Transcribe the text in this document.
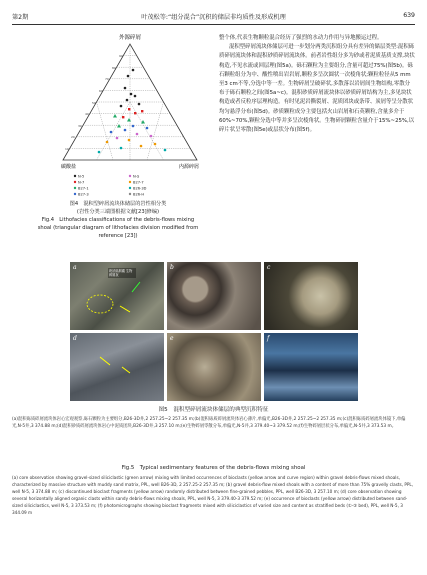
第2期	叶茂松等:“组分混合”沉积的储层非均质性及形成机理	639
外源碎屑
90
80
70
60
50
40
30
20
10
碳酸盐	内源碎屑
N-5
N-7
B27-1
B27-3
N-S
B27-7
B26-3D
B26-H
图4　混积型碎屑流块体储层的岩性相分类
(岩性分类三端图根据文献[23]修编)
Fig.4　Lithofacies classifications of the debris-flows mixing
shoal (triangular diagram of lithofacies division modified from
reference [23])

整个体,代表生物颗粒混合经历了强烈的水动力作用与异地搬运过程。

混积型碎屑流块体储层可进一步划分两类沉积组分具有差异的储层类型:混积砾质碎屑流块体和混积砂质碎屑流块体。前者岩性组分多为砂或者泥质基质支撑,块状构造,不见水流或回层理(图5a)。砾石颗粒为主要组分,含量可超过75%(图5b)。砾石颗粒组分为中、酸性喷出岩岩屑,颗粒多呈次圆状一次棱角状;颗粒粒径从5 mm至3 cm不等,分选中等一差。生物碎屑呈破碎状,多散落以岩屑间生物结构,零散分布于砾石颗粒之间(图5a~c)。混积砂质碎屑流块体以砂质碎屑结构为主,多见块状构造或者反粒序层理构造。有时见泥岩撕裂屑、泥质团块或条带、炭屑等呈分散状均匀悬浮分布(图5d)。砂质颗粒成分主要包括火山岩屑和石英颗粒,含量多介于60%~70%,颗粒分选中等并多呈次棱角状。生物碎屑颗粒含量介于15%~25%,以碎片状呈零散(图5e)或层状分布(图5f)。

a	块状砾屑碳 生物碎屑灰
b	c
d	e	f
图5　混积型碎屑流块体储层的典型沉积特征
(a)混积砾质碎屑流块体岩心宏观观察,砾石颗粒为主要组分,B26-3D井,2 257.25~2 257.35 m;(b)混积砾质碎屑流块体岩心薄片,单偏光,B26-3D井,2 257.25~2 257.35 m;(c)混积砾质碎屑流块体镜下,单偏光,N-5井,3 374.88 m;(d)混积砂质碎屑流块体岩心中泥质团块,B26-3D井,3 257.10 m;(e)生物碎屑零散分布,单偏光,N-5井,3 379.40~3 379.52 m;(f)生物碎屑层状分布,单偏光,N-5井,3 373.53 m。
Fig.5　Typical sedimentary features of the debris-flows mixing shoal
(a) core observation showing gravel-sized siliciclastic (green arrow) mixing with limited occurrences of bioclasts (yellow arrow and curve region) within gravel debris-flows mixed shoals, characterized by massive structure with muddy sand matrix, PPL, well B26-3D, 2 257.25-2 257.35 m; (b) gravel debris-flow mixed shoals with a content of more than 75% gravelly clasts, PPL, well N-5, 3 374.88 m; (c) discontinued bioclast fragments (yellow arrow) randomly distributed between fine-grained pebbles, PPL, well B26-3D, 3 257.10 m; (d) core observation showing several horizontally aligned organic clasts within sandy debris-flows mixing shoals, PPL, well N-5, 3 379.40-3 379.52 m; (e) occurrence of bioclasts (yellow arrow) distributed between sand-sized siliciclastics, well N-5, 3 373.53 m; (f) photomicrographs showing bioclast fragments mixed with siliciclastics of varied size and content as stratified beds (①-③ bed), PPL, well N-5, 3 344.09 m
